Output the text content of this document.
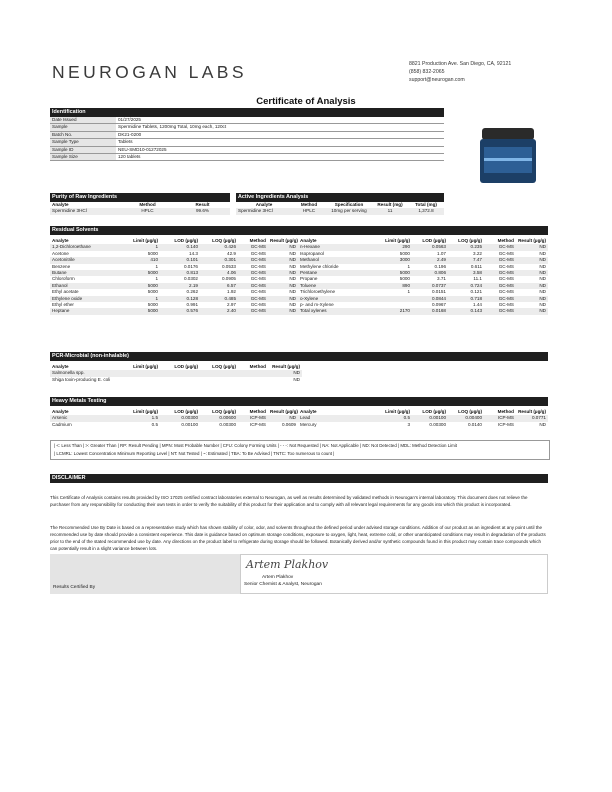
NEUROGAN LABS	8821 Production Ave. San Diego, CA, 92121
(858) 832-2065
support@neurogan.com
Certificate of Analysis
Identification
Date Issued	01/27/2025
Sample	Spermidine Tablets, 1200mg Total, 10mg each, 120ct
Batch No.	DK21-0200
Sample Type	Tablets
Sample ID	NEU-SMD10-01272025
Sample Size	120 tablets
Purity of Raw Ingredients
Analyte	Method	Result
Spermidine 3HCl	HPLC	99.6%
Active Ingredients Analysis
Analyte	Method	Specification	Result (mg)	Total (mg)
Spermidine 3HCl	HPLC	10mg per serving	11	1,372.8
Residual Solvents
Analyte	Limit (µg/g)	LOD (µg/g)	LOQ (µg/g)	Method	Result (µg/g)	Analyte	Limit (µg/g)	LOD (µg/g)	LOQ (µg/g)	Method	Result (µg/g)
1,2-Dichloroethane	1	0.140	0.426	GC-MS	ND	n-Hexane	290	0.0563	0.235	GC-MS	ND
Acetone	5000	14.3	42.9	GC-MS	ND	Isopropanol	5000	1.07	3.22	GC-MS	ND
Acetonitrile	410	0.101	0.301	GC-MS	ND	Methanol	3000	2.49	7.47	GC-MS	ND
Benzene	1	0.0176	0.0533	GC-MS	ND	Methylene chloride	1	0.196	0.611	GC-MS	ND
Butane	5000	0.813	4.06	GC-MS	ND	Pentane	5000	0.806	3.58	GC-MS	ND
Chloroform	1	0.0302	0.0905	GC-MS	ND	Propane	5000	3.71	11.1	GC-MS	ND
Ethanol	5000	2.19	6.57	GC-MS	ND	Toluene	890	0.0737	0.724	GC-MS	ND
Ethyl acetate	5000	0.262	1.92	GC-MS	ND	Trichloroethylene	1	0.0151	0.121	GC-MS	ND
Ethylene oxide	1	0.128	0.485	GC-MS	ND	o-Xylene		0.0844	0.718	GC-MS	ND
Ethyl ether	5000	0.991	2.97	GC-MS	ND	p- and m-Xylene		0.0967	1.44	GC-MS	ND
Heptane	5000	0.576	2.40	GC-MS	ND	Total xylenes	2170	0.0168	0.143	GC-MS	ND
PCR-Microbial (non-inhalable)
Analyte	Limit (µg/g)	LOD (µg/g)	LOQ (µg/g)	Method	Result (µg/g)
Salmonella spp.					ND
Shiga toxin-producing E. coli					ND
Heavy Metals Testing
Analyte	Limit (µg/g)	LOD (µg/g)	LOQ (µg/g)	Method	Result (µg/g)	Analyte	Limit (µg/g)	LOD (µg/g)	LOQ (µg/g)	Method	Result (µg/g)
Arsenic	1.5	0.00300	0.00600	ICP-MS	ND	Lead	0.5	0.00100	0.00400	ICP-MS	0.0771
Cadmium	0.5	0.00100	0.00300	ICP-MS	0.0609	Mercury	3	0.00300	0.0140	ICP-MS	ND
| <: Less Than | >: Greater Than | RP: Result Pending | MPN: Most Probable Number | CFU: Colony Forming Units | - - -: Not Requested | NA: Not Applicable | ND: Not Detected | MDL: Method Detection Limit
| LCMRL: Lowest Concentration Minimum Reporting Level | NT: Not Tested | ~: Estimated | TBA: To Be Advised | TNTC: Too numerous to count |
DISCLAIMER
This Certificate of Analysis contains results provided by ISO 17025 certified contract laboratories external to Neurogan, as well as results determined by validated methods in Neurogan's internal laboratory. This document does not relieve the purchaser from any responsibility for conducting their own tests in order to verify the suitability of this product for their application and to comply with all relevant legal requirements for any goods into which this product is incorporated.
The Recommended Use By Date is based on a representative study which has shown stability of color, odor, and solvents throughout the defined period under advised storage conditions. Addition of our product as an ingredient at any point until the recommended use by date should provide a consistent experience. This date is guidance based on optimum storage conditions, exposure to oxygen, light, heat, extreme cold, or other unanticipated conditions may result in degradation of the products prior to the end of the stated recommended use by date. Any directions on the product label to refrigerate during storage should be followed. Botanically derived and/or synthetic compounds found in this product may contain trace compounds which can potentially result in a slight variance between lots.
Artem Plakhov
Artem Plakhov
Senior Chemist & Analyst, Neurogan
Results Certified By
